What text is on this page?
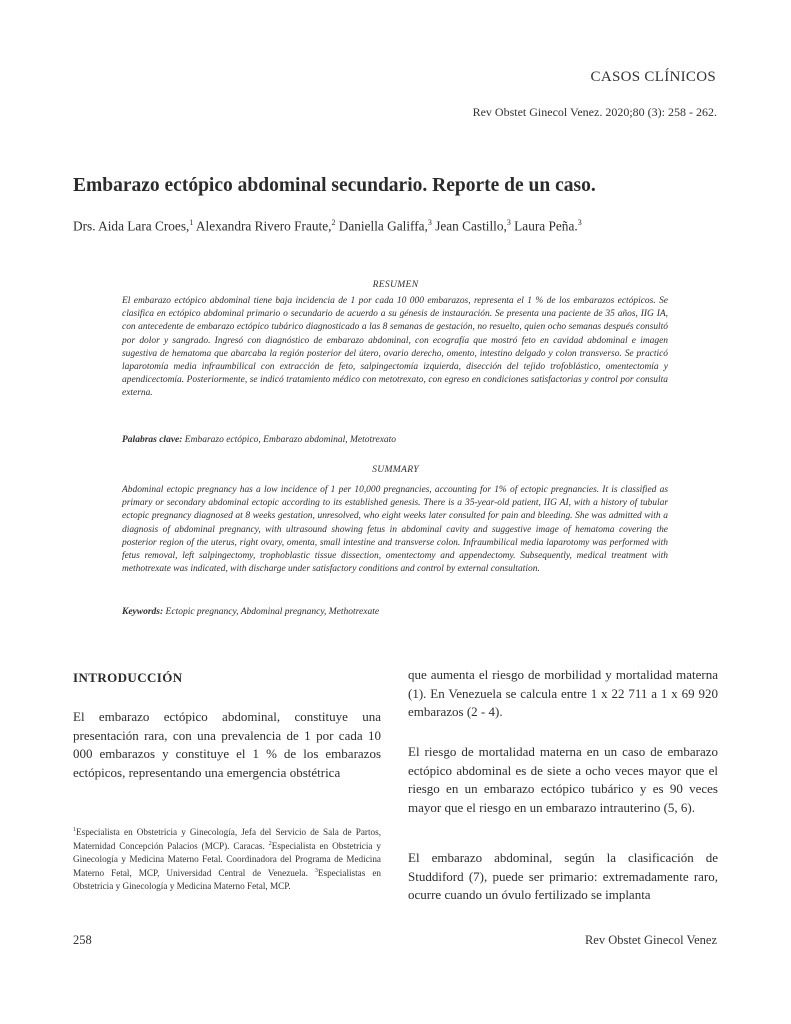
CASOS CLÍNICOS
Rev Obstet Ginecol Venez. 2020;80 (3): 258 - 262.
Embarazo ectópico abdominal secundario. Reporte de un caso.
Drs. Aida Lara Croes,$^1$ Alexandra Rivero Fraute,$^2$ Daniella Galiffa,$^3$ Jean Castillo,$^3$ Laura Peña.$^3$
RESUMEN
El embarazo ectópico abdominal tiene baja incidencia de 1 por cada 10 000 embarazos, representa el 1 % de los embarazos ectópicos. Se clasifica en ectópico abdominal primario o secundario de acuerdo a su génesis de instauración. Se presenta una paciente de 35 años, IIG IA, con antecedente de embarazo ectópico tubárico diagnosticado a las 8 semanas de gestación, no resuelto, quien ocho semanas después consultó por dolor y sangrado. Ingresó con diagnóstico de embarazo abdominal, con ecografía que mostró feto en cavidad abdominal e imagen sugestiva de hematoma que abarcaba la región posterior del útero, ovario derecho, omento, intestino delgado y colon transverso. Se practicó laparotomía media infraumbilical con extracción de feto, salpingectomía izquierda, disección del tejido trofoblástico, omentectomía y apendicectomía. Posteriormente, se indicó tratamiento médico con metotrexato, con egreso en condiciones satisfactorias y control por consulta externa.
Palabras clave: Embarazo ectópico, Embarazo abdominal, Metotrexato
SUMMARY
Abdominal ectopic pregnancy has a low incidence of 1 per 10,000 pregnancies, accounting for 1% of ectopic pregnancies. It is classified as primary or secondary abdominal ectopic according to its established genesis. There is a 35-year-old patient, IIG AI, with a history of tubular ectopic pregnancy diagnosed at 8 weeks gestation, unresolved, who eight weeks later consulted for pain and bleeding. She was admitted with a diagnosis of abdominal pregnancy, with ultrasound showing fetus in abdominal cavity and suggestive image of hematoma covering the posterior region of the uterus, right ovary, omenta, small intestine and transverse colon. Infraumbilical media laparotomy was performed with fetus removal, left salpingectomy, trophoblastic tissue dissection, omentectomy and appendectomy. Subsequently, medical treatment with methotrexate was indicated, with discharge under satisfactory conditions and control by external consultation.
Keywords: Ectopic pregnancy, Abdominal pregnancy, Methotrexate
INTRODUCCIÓN
El embarazo ectópico abdominal, constituye una presentación rara, con una prevalencia de 1 por cada 10 000 embarazos y constituye el 1 % de los embarazos ectópicos, representando una emergencia obstétrica
$^1$Especialista en Obstetricia y Ginecología, Jefa del Servicio de Sala de Partos, Maternidad Concepción Palacios (MCP). Caracas. $^2$Especialista en Obstetricia y Ginecología y Medicina Materno Fetal. Coordinadora del Programa de Medicina Materno Fetal, MCP, Universidad Central de Venezuela. $^3$Especialistas en Obstetricia y Ginecología y Medicina Materno Fetal, MCP.
que aumenta el riesgo de morbilidad y mortalidad materna (1). En Venezuela se calcula entre 1 x 22 711 a 1 x 69 920 embarazos (2 - 4).
El riesgo de mortalidad materna en un caso de embarazo ectópico abdominal es de siete a ocho veces mayor que el riesgo en un embarazo ectópico tubárico y es 90 veces mayor que el riesgo en un embarazo intrauterino (5, 6).
El embarazo abdominal, según la clasificación de Studdiford (7), puede ser primario: extremadamente raro, ocurre cuando un óvulo fertilizado se implanta
258	Rev Obstet Ginecol Venez
